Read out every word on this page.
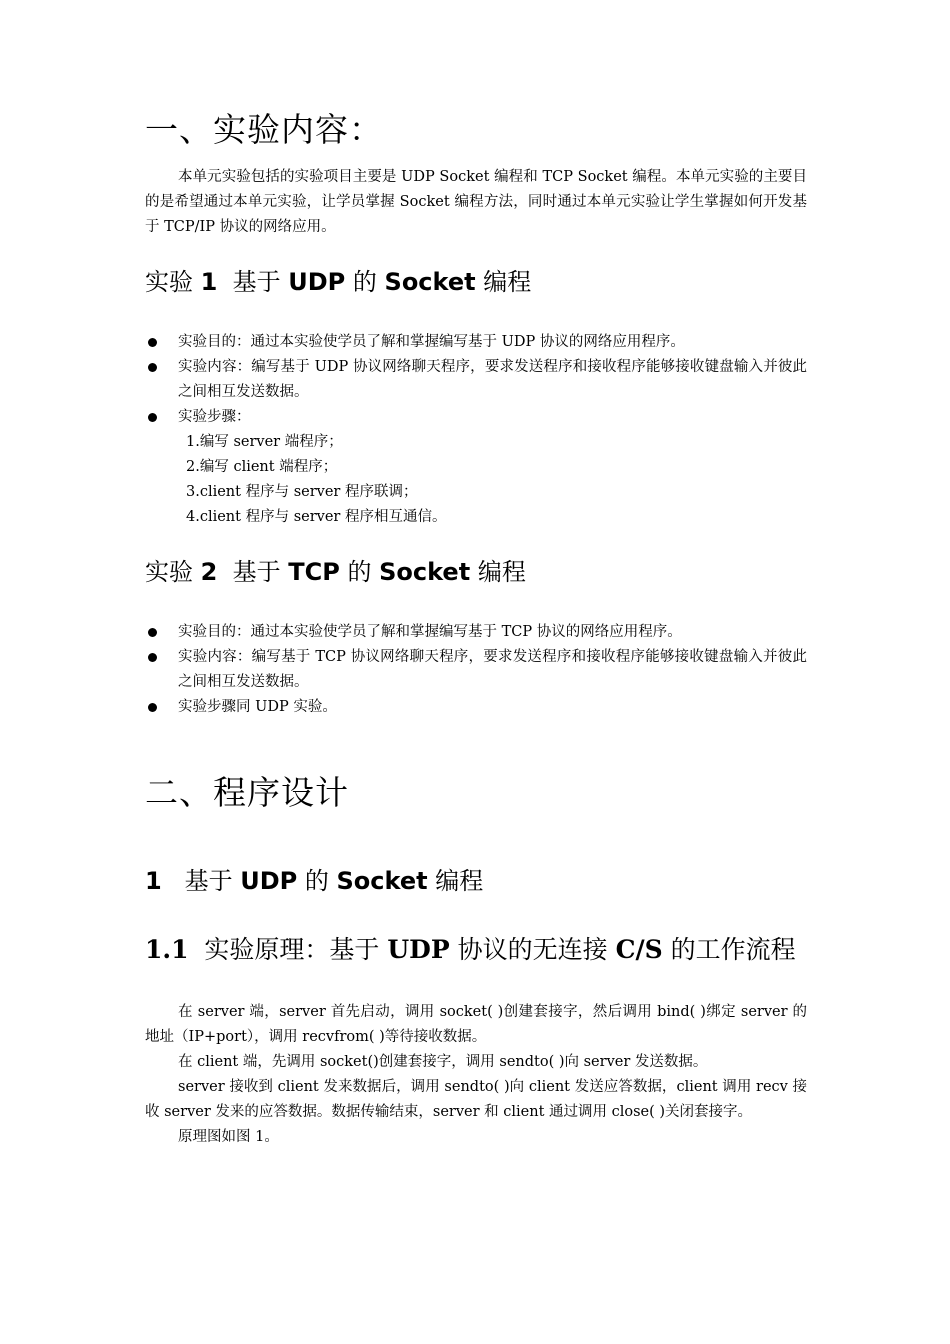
一、实验内容：
本单元实验包括的实验项目主要是 UDP Socket 编程和 TCP Socket 编程。本单元实验的主要目的是希望通过本单元实验，让学员掌握 Socket 编程方法，同时通过本单元实验让学生掌握如何开发基于 TCP/IP 协议的网络应用。
实验 1 基于 UDP 的 Socket 编程
实验目的：通过本实验使学员了解和掌握编写基于 UDP 协议的网络应用程序。
实验内容：编写基于 UDP 协议网络聊天程序，要求发送程序和接收程序能够接收键盘输入并彼此之间相互发送数据。
实验步骤：
1.编写 server 端程序；
2.编写 client 端程序；
3.client 程序与 server 程序联调；
4.client 程序与 server 程序相互通信。
实验 2 基于 TCP 的 Socket 编程
实验目的：通过本实验使学员了解和掌握编写基于 TCP 协议的网络应用程序。
实验内容：编写基于 TCP 协议网络聊天程序，要求发送程序和接收程序能够接收键盘输入并彼此之间相互发送数据。
实验步骤同 UDP 实验。
二、程序设计
1 基于 UDP 的 Socket 编程
1.1 实验原理：基于 UDP 协议的无连接 C/S 的工作流程
在 server 端，server 首先启动，调用 socket( )创建套接字，然后调用 bind( )绑定 server 的地址（IP+port），调用 recvfrom( )等待接收数据。
在 client 端，先调用 socket()创建套接字，调用 sendto( )向 server 发送数据。
server 接收到 client 发来数据后，调用 sendto( )向 client 发送应答数据，client 调用 recv 接收 server 发来的应答数据。数据传输结束，server 和 client 通过调用 close( )关闭套接字。
原理图如图 1。
